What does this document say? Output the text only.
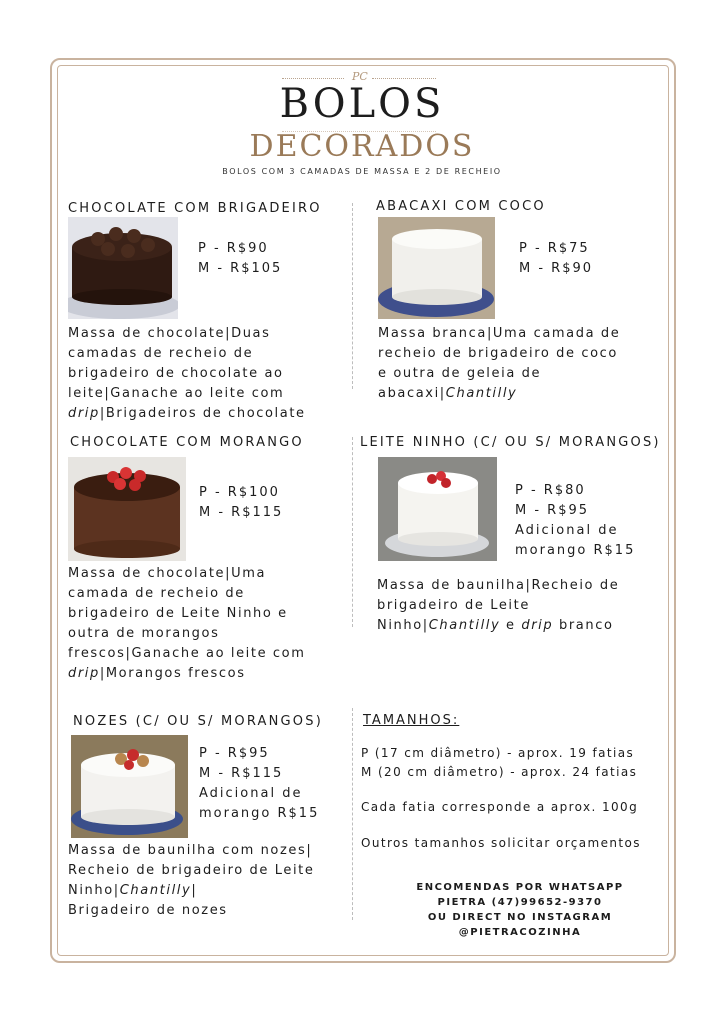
PC
BOLOS
DECORADOS
BOLOS COM 3 CAMADAS DE MASSA E 2 DE RECHEIO
CHOCOLATE COM BRIGADEIRO
P - R$90
M - R$105
Massa de chocolate|Duas
camadas de recheio de
brigadeiro de chocolate ao
leite|Ganache ao leite com
drip|Brigadeiros de chocolate
ABACAXI COM COCO
P - R$75
M - R$90
Massa branca|Uma camada de
recheio de brigadeiro de coco
e outra de geleia de
abacaxi|Chantilly
CHOCOLATE COM MORANGO
P - R$100
M - R$115
Massa de chocolate|Uma
camada de recheio de
brigadeiro de Leite Ninho e
outra de morangos
frescos|Ganache ao leite com
drip|Morangos frescos
LEITE NINHO (C/ OU S/ MORANGOS)
P - R$80
M - R$95
Adicional de
morango R$15
Massa de baunilha|Recheio de
brigadeiro de Leite
Ninho|Chantilly e drip branco
NOZES (C/ OU S/ MORANGOS)
P - R$95
M - R$115
Adicional de
morango R$15
Massa de baunilha com nozes|
Recheio de brigadeiro de Leite
Ninho|Chantilly|
Brigadeiro de nozes
TAMANHOS:
P (17 cm diâmetro) - aprox. 19 fatias
M (20 cm diâmetro) - aprox. 24 fatias
Cada fatia corresponde a aprox. 100g
Outros tamanhos solicitar orçamentos
ENCOMENDAS POR WHATSAPP
PIETRA (47)99652-9370
OU DIRECT NO INSTAGRAM
@PIETRACOZINHA
